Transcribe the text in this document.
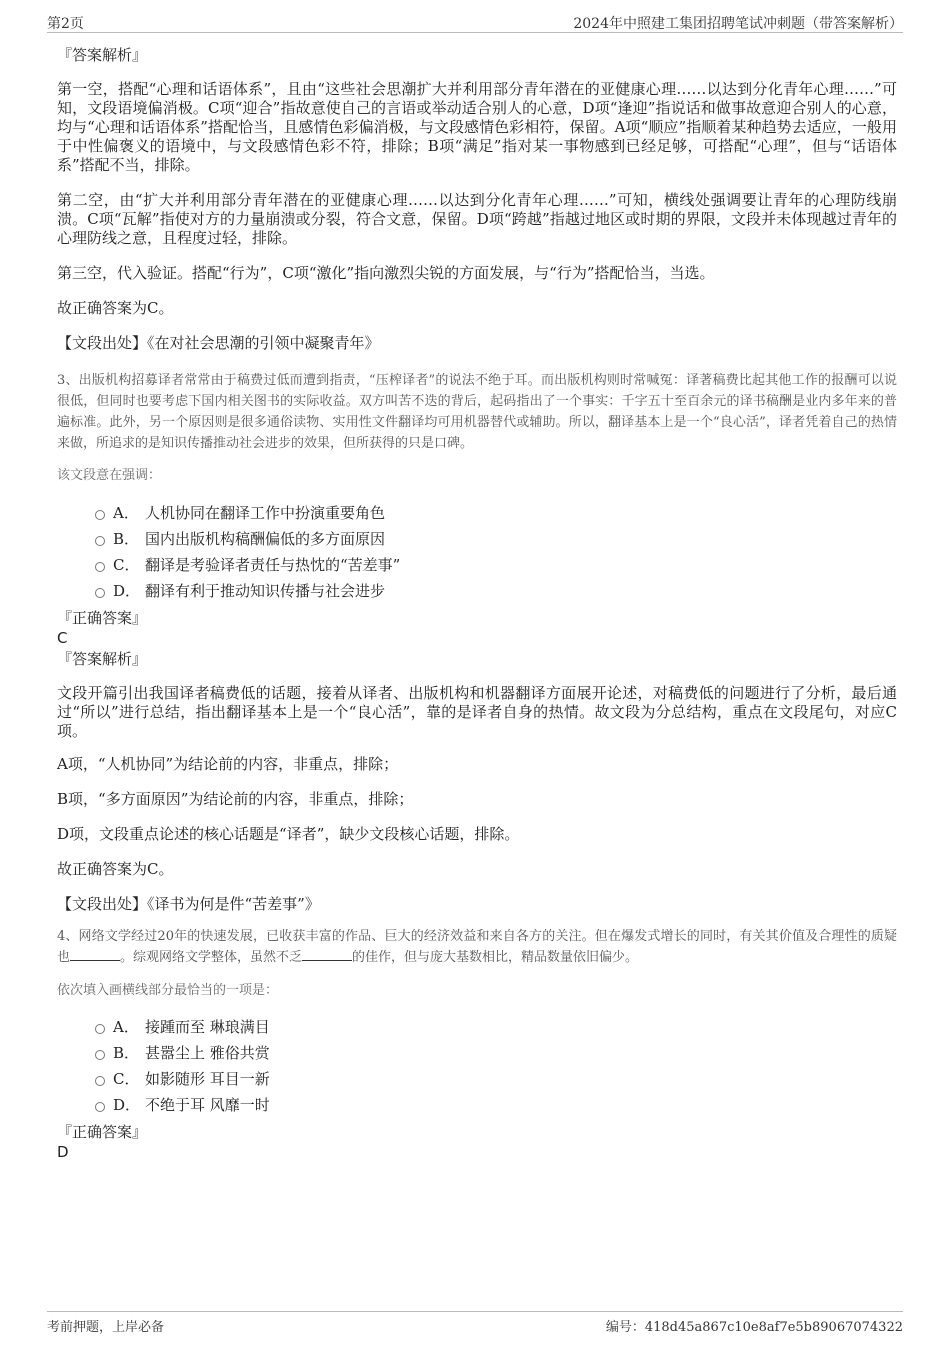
第2页	2024年中照建工集团招聘笔试冲刺题（带答案解析）
『答案解析』

第一空，搭配“心理和话语体系”，且由“这些社会思潮扩大并利用部分青年潜在的亚健康心理……以达到分化青年心理……”可知，文段语境偏消极。C项“迎合”指故意使自己的言语或举动适合别人的心意，D项“逢迎”指说话和做事故意迎合别人的心意，均与“心理和话语体系”搭配恰当，且感情色彩偏消极，与文段感情色彩相符，保留。A项“顺应”指顺着某种趋势去适应，一般用于中性偏褒义的语境中，与文段感情色彩不符，排除；B项“满足”指对某一事物感到已经足够，可搭配“心理”，但与“话语体系”搭配不当，排除。

第二空，由“扩大并利用部分青年潜在的亚健康心理……以达到分化青年心理……”可知，横线处强调要让青年的心理防线崩溃。C项“瓦解”指使对方的力量崩溃或分裂，符合文意，保留。D项“跨越”指越过地区或时期的界限，文段并未体现越过青年的心理防线之意，且程度过轻，排除。

第三空，代入验证。搭配“行为”，C项“激化”指向激烈尖锐的方面发展，与“行为”搭配恰当，当选。

故正确答案为C。

【文段出处】《在对社会思潮的引领中凝聚青年》

3、出版机构招募译者常常由于稿费过低而遭到指责，“压榨译者”的说法不绝于耳。而出版机构则时常喊冤：译著稿费比起其他工作的报酬可以说很低，但同时也要考虑下国内相关图书的实际收益。双方叫苦不迭的背后，起码指出了一个事实：千字五十至百余元的译书稿酬是业内多年来的普遍标准。此外，另一个原因则是很多通俗读物、实用性文件翻译均可用机器替代或辅助。所以，翻译基本上是一个“良心活”，译者凭着自己的热情来做，所追求的是知识传播推动社会进步的效果，但所获得的只是口碑。

该文段意在强调：

A． 人机协同在翻译工作中扮演重要角色
B． 国内出版机构稿酬偏低的多方面原因
C． 翻译是考验译者责任与热忱的“苦差事”
D． 翻译有利于推动知识传播与社会进步
『正确答案』
C
『答案解析』

文段开篇引出我国译者稿费低的话题，接着从译者、出版机构和机器翻译方面展开论述，对稿费低的问题进行了分析，最后通过“所以”进行总结，指出翻译基本上是一个“良心活”，靠的是译者自身的热情。故文段为分总结构，重点在文段尾句，对应C项。

A项，“人机协同”为结论前的内容，非重点，排除；

B项，“多方面原因”为结论前的内容，非重点，排除；

D项，文段重点论述的核心话题是“译者”，缺少文段核心话题，排除。

故正确答案为C。

【文段出处】《译书为何是件“苦差事”》

4、网络文学经过20年的快速发展，已收获丰富的作品、巨大的经济效益和来自各方的关注。但在爆发式增长的同时，有关其价值及合理性的质疑也	。综观网络文学整体，虽然不乏	的佳作，但与庞大基数相比，精品数量依旧偏少。

依次填入画横线部分最恰当的一项是：

A． 接踵而至 琳琅满目
B． 甚嚣尘上 雅俗共赏
C． 如影随形 耳目一新
D． 不绝于耳 风靡一时
『正确答案』
D
考前押题，上岸必备	编号：418d45a867c10e8af7e5b89067074322
